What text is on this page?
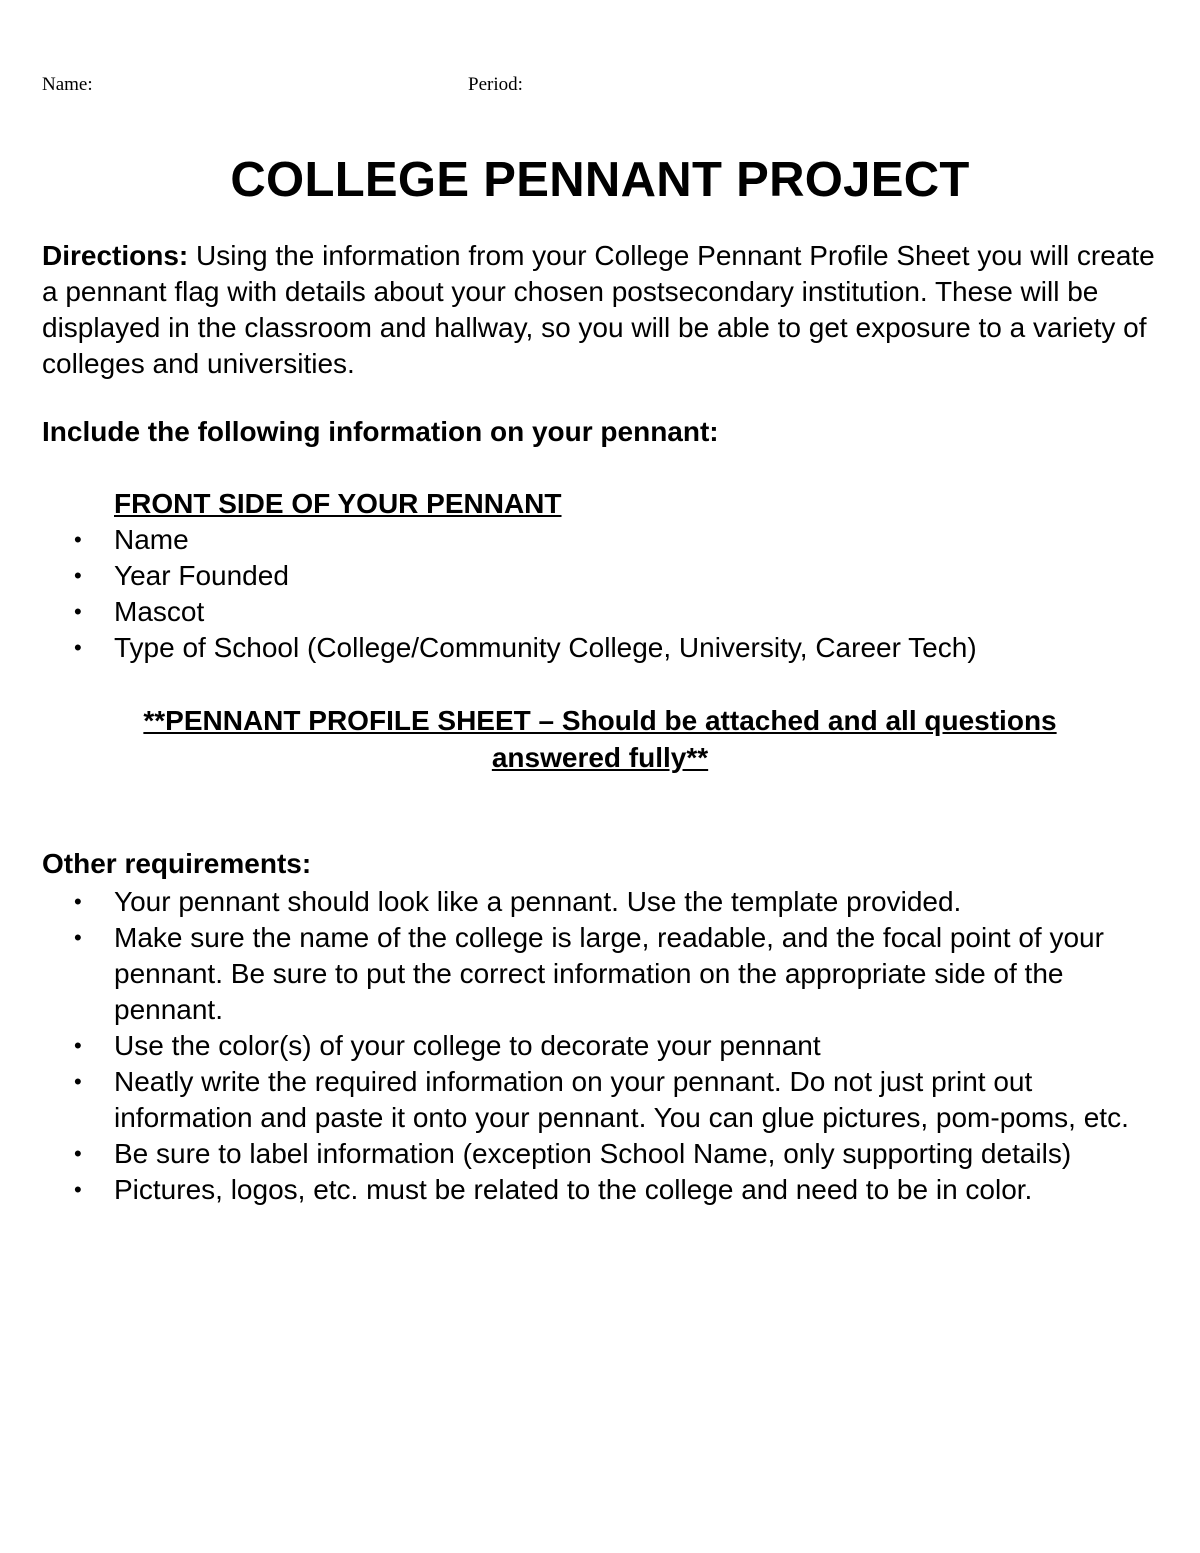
Name:	Period:
COLLEGE PENNANT PROJECT
Directions: Using the information from your College Pennant Profile Sheet you will create a pennant flag with details about your chosen postsecondary institution. These will be displayed in the classroom and hallway, so you will be able to get exposure to a variety of colleges and universities.
Include the following information on your pennant:
FRONT SIDE OF YOUR PENNANT
• Name
• Year Founded
• Mascot
• Type of School (College/Community College, University, Career Tech)
**PENNANT PROFILE SHEET – Should be attached and all questions
answered fully**
Other requirements:
• Your pennant should look like a pennant. Use the template provided.
• Make sure the name of the college is large, readable, and the focal point of your pennant. Be sure to put the correct information on the appropriate side of the pennant.
• Use the color(s) of your college to decorate your pennant
• Neatly write the required information on your pennant. Do not just print out information and paste it onto your pennant. You can glue pictures, pom-poms, etc.
• Be sure to label information (exception School Name, only supporting details)
• Pictures, logos, etc. must be related to the college and need to be in color.
